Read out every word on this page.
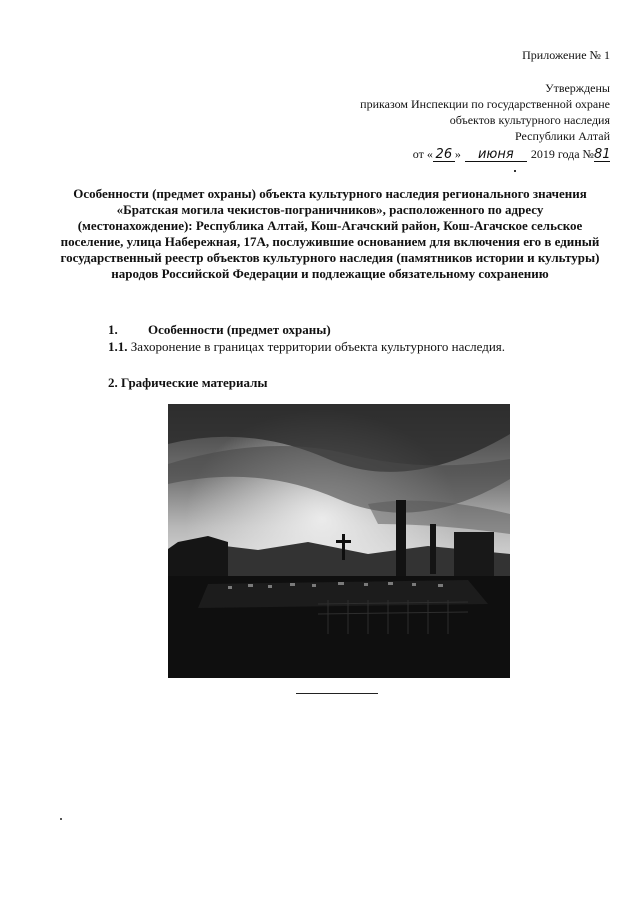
Приложение № 1
Утверждены
приказом Инспекции по государственной охране
объектов культурного наследия
Республики Алтай
от « 26 »	июня	2019 года № 81
Особенности (предмет охраны) объекта культурного наследия регионального значения «Братская могила чекистов-пограничников», расположенного по адресу (местонахождение): Республика Алтай, Кош-Агачский район, Кош-Агачское сельское поселение, улица Набережная, 17А, послужившие основанием для включения его в единый государственный реестр объектов культурного наследия (памятников истории и культуры) народов Российской Федерации и подлежащие обязательному сохранению
1. Особенности (предмет охраны)
1.1. Захоронение в границах территории объекта культурного наследия.
2. Графические материалы
